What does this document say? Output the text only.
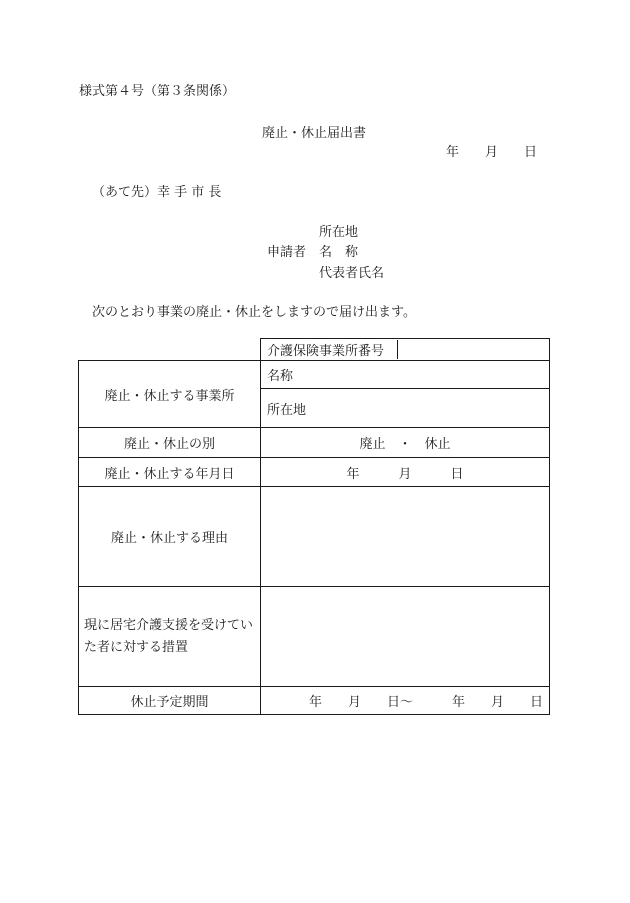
様式第４号（第３条関係）
廃止・休止届出書
年　　月　　日
（あて先）幸 手 市 長
申請者
所在地
名　称
代表者氏名
次のとおり事業の廃止・休止をしますので届け出ます。

介護保険事業所番号	

廃止・休止する事業所	名称
所在地
廃止・休止の別	廃止　・　休止
廃止・休止する年月日	年　　　月　　　日
廃止・休止する理由	
現に居宅介護支援を受けていた者に対する措置	
休止予定期間	年　　月　　日〜　　　年　　月　　日
